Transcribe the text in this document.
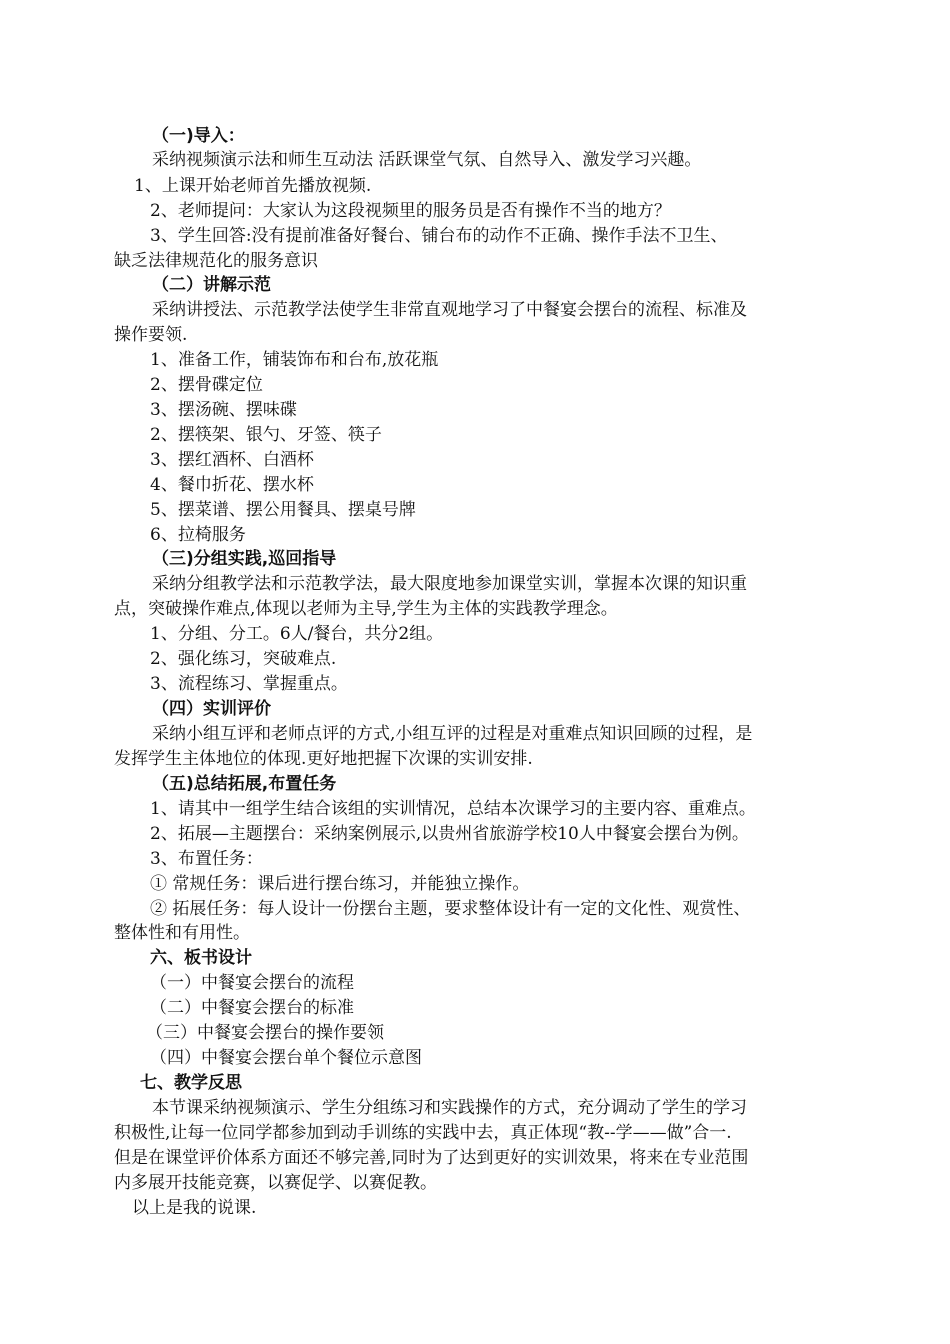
（一)导入：
采纳视频演示法和师生互动法 活跃课堂气氛、自然导入、激发学习兴趣。
1、上课开始老师首先播放视频.
2、老师提问：大家认为这段视频里的服务员是否有操作不当的地方？
3、学生回答:没有提前准备好餐台、铺台布的动作不正确、操作手法不卫生、
缺乏法律规范化的服务意识
（二）讲解示范
采纳讲授法、示范教学法使学生非常直观地学习了中餐宴会摆台的流程、标准及
操作要领.
1、准备工作，铺装饰布和台布,放花瓶
2、摆骨碟定位
3、摆汤碗、摆味碟
2、摆筷架、银勺、牙签、筷子
3、摆红酒杯、白酒杯
4、餐巾折花、摆水杯
5、摆菜谱、摆公用餐具、摆桌号牌
6、拉椅服务
（三)分组实践,巡回指导
采纳分组教学法和示范教学法，最大限度地参加课堂实训，掌握本次课的知识重
点，突破操作难点,体现以老师为主导,学生为主体的实践教学理念。
1、分组、分工。6人/餐台，共分2组。
2、强化练习，突破难点.
3、流程练习、掌握重点。
（四）实训评价
采纳小组互评和老师点评的方式,小组互评的过程是对重难点知识回顾的过程，是
发挥学生主体地位的体现.更好地把握下次课的实训安排.
（五)总结拓展,布置任务
1、请其中一组学生结合该组的实训情况，总结本次课学习的主要内容、重难点。
2、拓展—主题摆台：采纳案例展示,以贵州省旅游学校10人中餐宴会摆台为例。
3、布置任务：
① 常规任务：课后进行摆台练习，并能独立操作。
② 拓展任务：每人设计一份摆台主题，要求整体设计有一定的文化性、观赏性、
整体性和有用性。
六、板书设计
（一）中餐宴会摆台的流程
（二）中餐宴会摆台的标准
（三）中餐宴会摆台的操作要领
（四）中餐宴会摆台单个餐位示意图
七、教学反思
本节课采纳视频演示、学生分组练习和实践操作的方式，充分调动了学生的学习
积极性,让每一位同学都参加到动手训练的实践中去，真正体现“教--学——做”合一.
但是在课堂评价体系方面还不够完善,同时为了达到更好的实训效果，将来在专业范围
内多展开技能竞赛，以赛促学、以赛促教。
以上是我的说课.
